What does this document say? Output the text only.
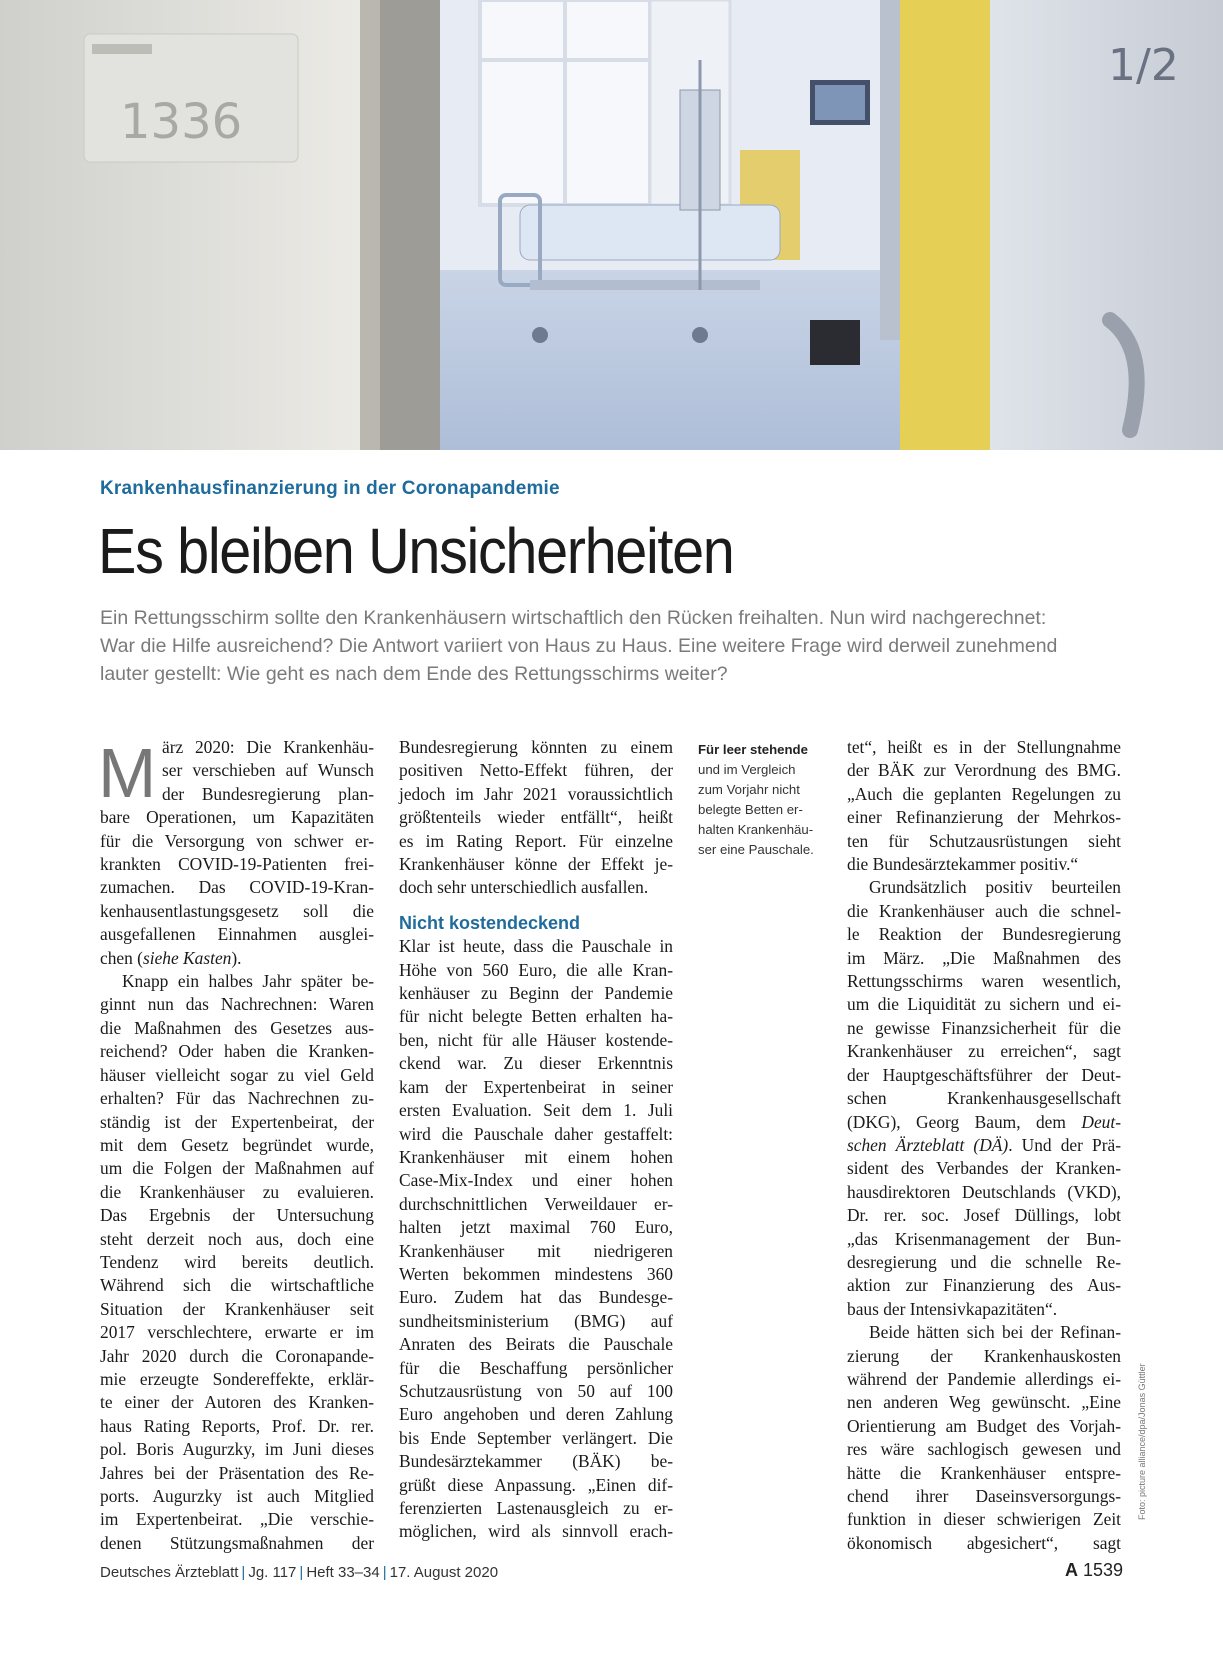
1336
1/2
Krankenhausfinanzierung in der Coronapandemie
Es bleiben Unsicherheiten
Ein Rettungsschirm sollte den Krankenhäusern wirtschaftlich den Rücken freihalten. Nun wird nachgerechnet:
War die Hilfe ausreichend? Die Antwort variiert von Haus zu Haus. Eine weitere Frage wird derweil zunehmend
lauter gestellt: Wie geht es nach dem Ende des Rettungsschirms weiter?
M ärz 2020: Die Krankenhäu-
ser verschieben auf Wunsch
der Bundesregierung plan-
bare Operationen, um Kapazitäten
für die Versorgung von schwer er-
krankten COVID-19-Patienten frei-
zumachen. Das COVID-19-Kran-
kenhausentlastungsgesetz soll die
ausgefallenen Einnahmen ausglei-
chen (siehe Kasten).
Knapp ein halbes Jahr später be-
ginnt nun das Nachrechnen: Waren
die Maßnahmen des Gesetzes aus-
reichend? Oder haben die Kranken-
häuser vielleicht sogar zu viel Geld
erhalten? Für das Nachrechnen zu-
ständig ist der Expertenbeirat, der
mit dem Gesetz begründet wurde,
um die Folgen der Maßnahmen auf
die Krankenhäuser zu evaluieren.
Das Ergebnis der Untersuchung
steht derzeit noch aus, doch eine
Tendenz wird bereits deutlich.
Während sich die wirtschaftliche
Situation der Krankenhäuser seit
2017 verschlechtere, erwarte er im
Jahr 2020 durch die Coronapande-
mie erzeugte Sondereffekte, erklär-
te einer der Autoren des Kranken-
haus Rating Reports, Prof. Dr. rer.
pol. Boris Augurzky, im Juni dieses
Jahres bei der Präsentation des Re-
ports. Augurzky ist auch Mitglied
im Expertenbeirat. „Die verschie-
denen Stützungsmaßnahmen der
Bundesregierung könnten zu einem
positiven Netto-Effekt führen, der
jedoch im Jahr 2021 voraussichtlich
größtenteils wieder entfällt“, heißt
es im Rating Report. Für einzelne
Krankenhäuser könne der Effekt je-
doch sehr unterschiedlich ausfallen.
Nicht kostendeckend
Klar ist heute, dass die Pauschale in
Höhe von 560 Euro, die alle Kran-
kenhäuser zu Beginn der Pandemie
für nicht belegte Betten erhalten ha-
ben, nicht für alle Häuser kostende-
ckend war. Zu dieser Erkenntnis
kam der Expertenbeirat in seiner
ersten Evaluation. Seit dem 1. Juli
wird die Pauschale daher gestaffelt:
Krankenhäuser mit einem hohen
Case-Mix-Index und einer hohen
durchschnittlichen Verweildauer er-
halten jetzt maximal 760 Euro,
Krankenhäuser mit niedrigeren
Werten bekommen mindestens 360
Euro. Zudem hat das Bundesge-
sundheitsministerium (BMG) auf
Anraten des Beirats die Pauschale
für die Beschaffung persönlicher
Schutzausrüstung von 50 auf 100
Euro angehoben und deren Zahlung
bis Ende September verlängert. Die
Bundesärztekammer (BÄK) be-
grüßt diese Anpassung. „Einen dif-
ferenzierten Lastenausgleich zu er-
möglichen, wird als sinnvoll erach-
Für leer stehende
und im Vergleich
zum Vorjahr nicht
belegte Betten er-
halten Krankenhäu-
ser eine Pauschale.
tet“, heißt es in der Stellungnahme
der BÄK zur Verordnung des BMG.
„Auch die geplanten Regelungen zu
einer Refinanzierung der Mehrkos-
ten für Schutzausrüstungen sieht
die Bundesärztekammer positiv.“
Grundsätzlich positiv beurteilen
die Krankenhäuser auch die schnel-
le Reaktion der Bundesregierung
im März. „Die Maßnahmen des
Rettungsschirms waren wesentlich,
um die Liquidität zu sichern und ei-
ne gewisse Finanzsicherheit für die
Krankenhäuser zu erreichen“, sagt
der Hauptgeschäftsführer der Deut-
schen Krankenhausgesellschaft
(DKG), Georg Baum, dem Deut-
schen Ärzteblatt (DÄ). Und der Prä-
sident des Verbandes der Kranken-
hausdirektoren Deutschlands (VKD),
Dr. rer. soc. Josef Düllings, lobt
„das Krisenmanagement der Bun-
desregierung und die schnelle Re-
aktion zur Finanzierung des Aus-
baus der Intensivkapazitäten“.
Beide hätten sich bei der Refinan-
zierung der Krankenhauskosten
während der Pandemie allerdings ei-
nen anderen Weg gewünscht. „Eine
Orientierung am Budget des Vorjah-
res wäre sachlogisch gewesen und
hätte die Krankenhäuser entspre-
chend ihrer Daseinsversorgungs-
funktion in dieser schwierigen Zeit
ökonomisch abgesichert“, sagt
Foto: picture alliance/dpa/Jonas Güttler
Deutsches Ärzteblatt | Jg. 117 | Heft 33–34 | 17. August 2020	A 1539
